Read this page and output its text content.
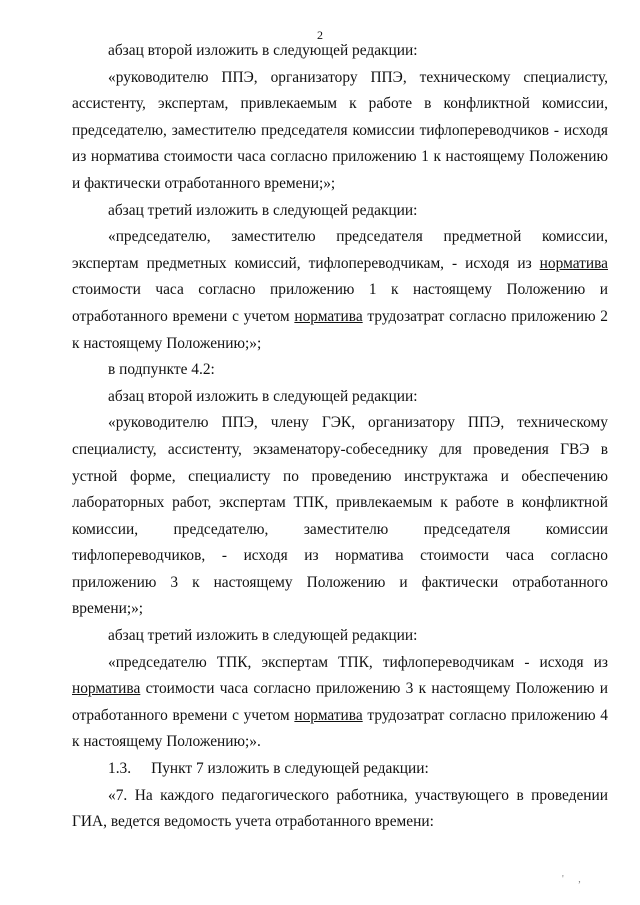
2

абзац второй изложить в следующей редакции:

«руководителю ППЭ, организатору ППЭ, техническому специалисту,

ассистенту, экспертам, привлекаемым к работе в конфликтной комиссии,

председателю, заместителю председателя комиссии тифлопереводчиков - исходя

из норматива стоимости часа согласно приложению 1 к настоящему Положению

и фактически отработанного времени;»;

абзац третий изложить в следующей редакции:

«председателю, заместителю председателя предметной комиссии,

экспертам предметных комиссий, тифлопереводчикам, - исходя из норматива

стоимости часа согласно приложению 1 к настоящему Положению и

отработанного времени с учетом норматива трудозатрат согласно приложению 2

к настоящему Положению;»;

в подпункте 4.2:

абзац второй изложить в следующей редакции:

«руководителю ППЭ, члену ГЭК, организатору ППЭ, техническому

специалисту, ассистенту, экзаменатору-собеседнику для проведения ГВЭ в

устной форме, специалисту по проведению инструктажа и обеспечению

лабораторных работ, экспертам ТПК, привлекаемым к работе в конфликтной

комиссии, председателю, заместителю председателя комиссии

тифлопереводчиков, - исходя из норматива стоимости часа согласно

приложению 3 к настоящему Положению и фактически отработанного

времени;»;

абзац третий изложить в следующей редакции:

«председателю ТПК, экспертам ТПК, тифлопереводчикам - исходя из

норматива стоимости часа согласно приложению 3 к настоящему Положению и

отработанного времени с учетом норматива трудозатрат согласно приложению 4

к настоящему Положению;».

1.3. Пункт 7 изложить в следующей редакции:

«7. На каждого педагогического работника, участвующего в проведении

ГИА, ведется ведомость учета отработанного времени:

' ,
